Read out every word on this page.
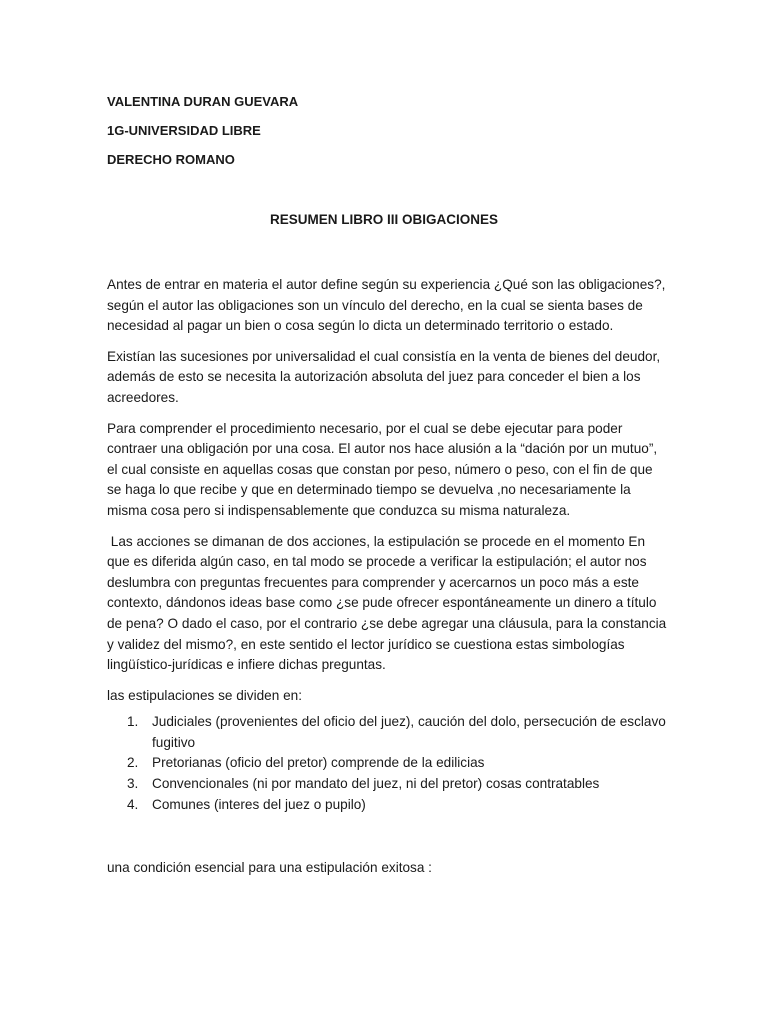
VALENTINA DURAN GUEVARA
1G-UNIVERSIDAD LIBRE
DERECHO ROMANO
RESUMEN LIBRO III OBIGACIONES

Antes de entrar en materia el autor define según su experiencia ¿Qué son las obligaciones?, según el autor las obligaciones son un vínculo del derecho, en la cual se sienta bases de necesidad al pagar un bien o cosa según lo dicta un determinado territorio o estado.

Existían las sucesiones por universalidad el cual consistía en la venta de bienes del deudor, además de esto se necesita la autorización absoluta del juez para conceder el bien a los acreedores.

Para comprender el procedimiento necesario, por el cual se debe ejecutar para poder contraer una obligación por una cosa. El autor nos hace alusión a la “dación por un mutuo”, el cual consiste en aquellas cosas que constan por peso, número o peso, con el fin de que se haga lo que recibe y que en determinado tiempo se devuelva ,no necesariamente la misma cosa pero si indispensablemente que conduzca su misma naturaleza.

Las acciones se dimanan de dos acciones, la estipulación se procede en el momento En que es diferida algún caso, en tal modo se procede a verificar la estipulación; el autor nos deslumbra con preguntas frecuentes para comprender y acercarnos un poco más a este contexto, dándonos ideas base como ¿se pude ofrecer espontáneamente un dinero a título de pena? O dado el caso, por el contrario ¿se debe agregar una cláusula, para la constancia y validez del mismo?, en este sentido el lector jurídico se cuestiona estas simbologías lingüístico-jurídicas e infiere dichas preguntas.

las estipulaciones se dividen en:

1. Judiciales (provenientes del oficio del juez), caución del dolo, persecución de esclavo fugitivo
2. Pretorianas (oficio del pretor) comprende de la edilicias
3. Convencionales (ni por mandato del juez, ni del pretor) cosas contratables
4. Comunes (interes del juez o pupilo)
una condición esencial para una estipulación exitosa :
